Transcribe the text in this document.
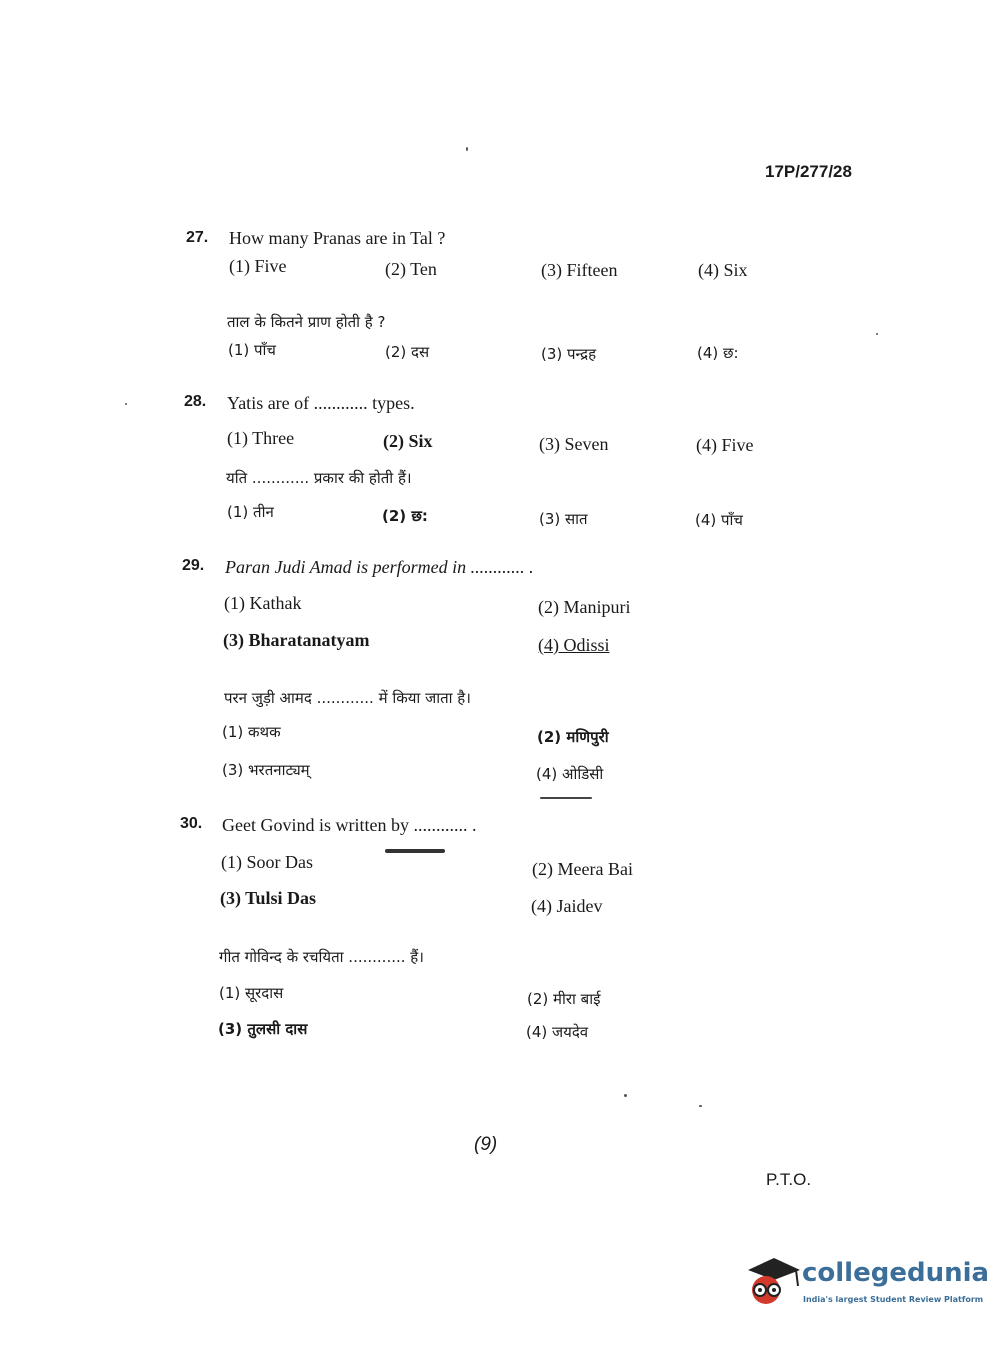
17P/277/28
27. How many Pranas are in Tal ?
(1) Five	(2) Ten	(3) Fifteen	(4) Six
ताल के कितने प्राण होती है ?
(1) पाँच	(2) दस	(3) पन्द्रह	(4) छ:
28. Yatis are of ............ types.
(1) Three	(2) Six	(3) Seven	(4) Five
यति ............ प्रकार की होती हैं।
(1) तीन	(2) छ:	(3) सात	(4) पाँच
29. Paran Judi Amad is performed in ............ .
(1) Kathak	(2) Manipuri
(3) Bharatanatyam	(4) Odissi
परन जुड़ी आमद ............ में किया जाता है।
(1) कथक	(2) मणिपुरी
(3) भरतनाट्यम्	(4) ओडिसी
30. Geet Govind is written by ............ .
(1) Soor Das	(2) Meera Bai
(3) Tulsi Das	(4) Jaidev
गीत गोविन्द के रचयिता ............ हैं।
(1) सूरदास	(2) मीरा बाई
(3) तुलसी दास	(4) जयदेव
(9)
P.T.O.
collegedunia
India's largest Student Review Platform
